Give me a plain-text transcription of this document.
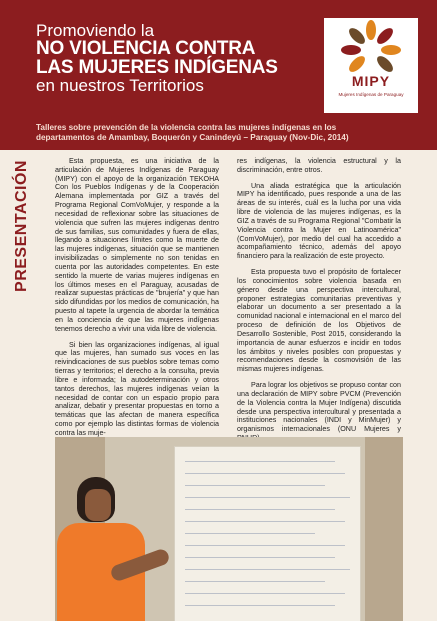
Promoviendo la
NO VIOLENCIA CONTRA
LAS MUJERES INDÍGENAS
en nuestros Territorios
Talleres sobre prevención de la violencia contra las mujeres indígenas en los departamentos de Amambay, Boquerón y Canindeyú – Paraguay (Nov-Dic, 2014)
MIPY
Mujeres Indígenas de Paraguay
PRESENTACIÓN	Esta propuesta, es una iniciativa de la articulación de Mujeres Indígenas de Paraguay (MIPY) con el apoyo de la organización TEKOHA Con los Pueblos Indígenas y de la Cooperación Alemana implementada por GIZ a través del Programa Regional ComVoMujer, y responde a la necesidad de reflexionar sobre las situaciones de violencia que sufren las mujeres indígenas dentro de sus familias, sus comunidades y fuera de ellas, llegando a situaciones límites como la muerte de las mujeres indígenas, situación que se mantienen invisibilizadas o simplemente no son tenidas en cuenta por las autoridades competentes. En este sentido la muerte de varias mujeres indígenas en los últimos meses en el Paraguay, acusadas de realizar supuestas prácticas de "brujería" y que han sido difundidas por los medios de comunicación, ha puesto al tapete la urgencia de abordar la temática en la conciencia de que las mujeres indígenas tenemos derecho a vivir una vida libre de violencia.

Si bien las organizaciones indígenas, al igual que las mujeres, han sumado sus voces en las reivindicaciones de sus pueblos sobre temas como tierras y territorios; el derecho a la consulta, previa libre e informada; la autodeterminación y otros tantos derechos, las mujeres indígenas veían la necesidad de contar con un espacio propio para analizar, debatir y presentar propuestas en torno a temáticas que las afectan de manera específica como por ejemplo las distintas formas de violencia contra las muje-

res indígenas, la violencia estructural y la discriminación, entre otros.

Una aliada estratégica que la articulación MIPY ha identificado, pues responde a una de las áreas de su interés, cuál es la lucha por una vida libre de violencia de las mujeres indígenas, es la GIZ a través de su Programa Regional "Combatir la Violencia contra la Mujer en Latinoamérica" (ComVoMujer), por medio del cual ha accedido a acompañamiento técnico, además del apoyo financiero para la realización de este proyecto.

Esta propuesta tuvo el propósito de fortalecer los conocimientos sobre violencia basada en género desde una perspectiva intercultural, proponer estrategias comunitarias preventivas y elaborar un documento a ser presentado a la comunidad nacional e internacional en el marco del proceso de definición de los Objetivos de Desarrollo Sostenible, Post 2015, considerando la importancia de aunar esfuerzos e incidir en todos los ámbitos y niveles posibles con propuestas y recomendaciones desde la cosmovisión de las mismas mujeres indígenas.

Para lograr los objetivos se propuso contar con una declaración de MIPY sobre PVCM (Prevención de la Violencia contra la Mujer Indígena) discutida desde una perspectiva intercultural y presentada a instituciones nacionales (INDI y MinMujer) y organismos internacionales (ONU Mujeres y
